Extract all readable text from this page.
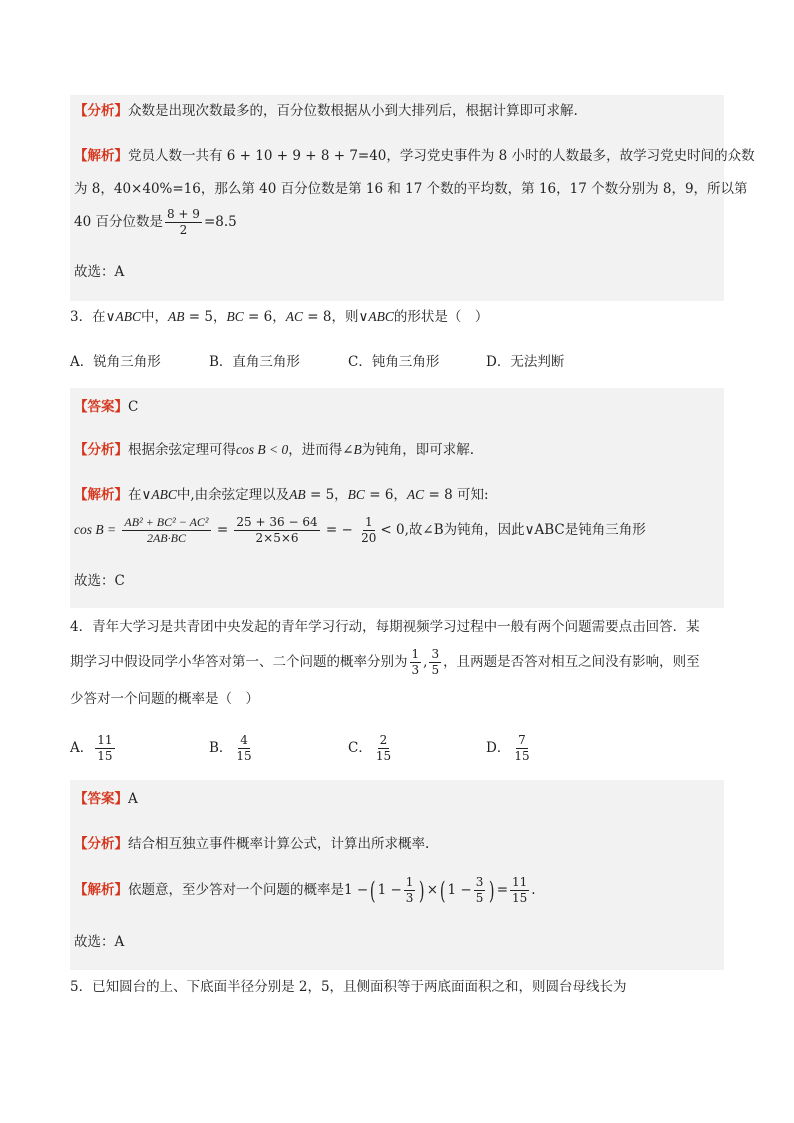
【分析】众数是出现次数最多的，百分位数根据从小到大排列后，根据计算即可求解.
【解析】党员人数一共有 6 + 10 + 9 + 8 + 7=40，学习党史事件为 8 小时的人数最多，故学习党史时间的众数
为 8，40×40%=16，那么第 40 百分位数是第 16 和 17 个数的平均数，第 16，17 个数分别为 8，9，所以第
40 百分位数是 $\frac{8 + 9}{2} =8.5$
故选：A
3．在∨ABC中，AB = 5，BC = 6，AC = 8，则∨ABC的形状是（　）
A．锐角三角形	B．直角三角形	C．钝角三角形	D．无法判断
【答案】C
【分析】根据余弦定理可得cos B < 0，进而得∠B为钝角，即可求解.
【解析】在∨ABC中,由余弦定理以及AB = 5，BC = 6，AC = 8 可知:
$\cos B = \frac{\text{AB² + BC² − AC²}}{2AB\cdot BC} = \frac{25 + 36 - 64}{2\times 5\times 6}$ = − $\frac{1}{20} < 0$,故∠B为钝角，因此∨ABC是钝角三角形
故选：C
4．青年大学习是共青团中央发起的青年学习行动，每期视频学习过程中一般有两个问题需要点击回答．某
期学习中假设同学小华答对第一、二个问题的概率分别为 $\frac{1}{3}$ , $\frac{3}{5}$ ，且两题是否答对相互之间没有影响，则至
少答对一个问题的概率是（　）
A． $\frac{11}{15}$	B． $\frac{4}{15}$	C． $\frac{2}{15}$	D． $\frac{7}{15}$
【答案】A
【分析】结合相互独立事件概率计算公式，计算出所求概率.
【解析】依题意，至少答对一个问题的概率是1 −( $1 - \frac{1}{3}$ ) ×( $1 - \frac{3}{5}$ ) = $\frac{11}{15}$ .
故选：A
5．已知圆台的上、下底面半径分别是 2，5，且侧面积等于两底面面积之和，则圆台母线长为
